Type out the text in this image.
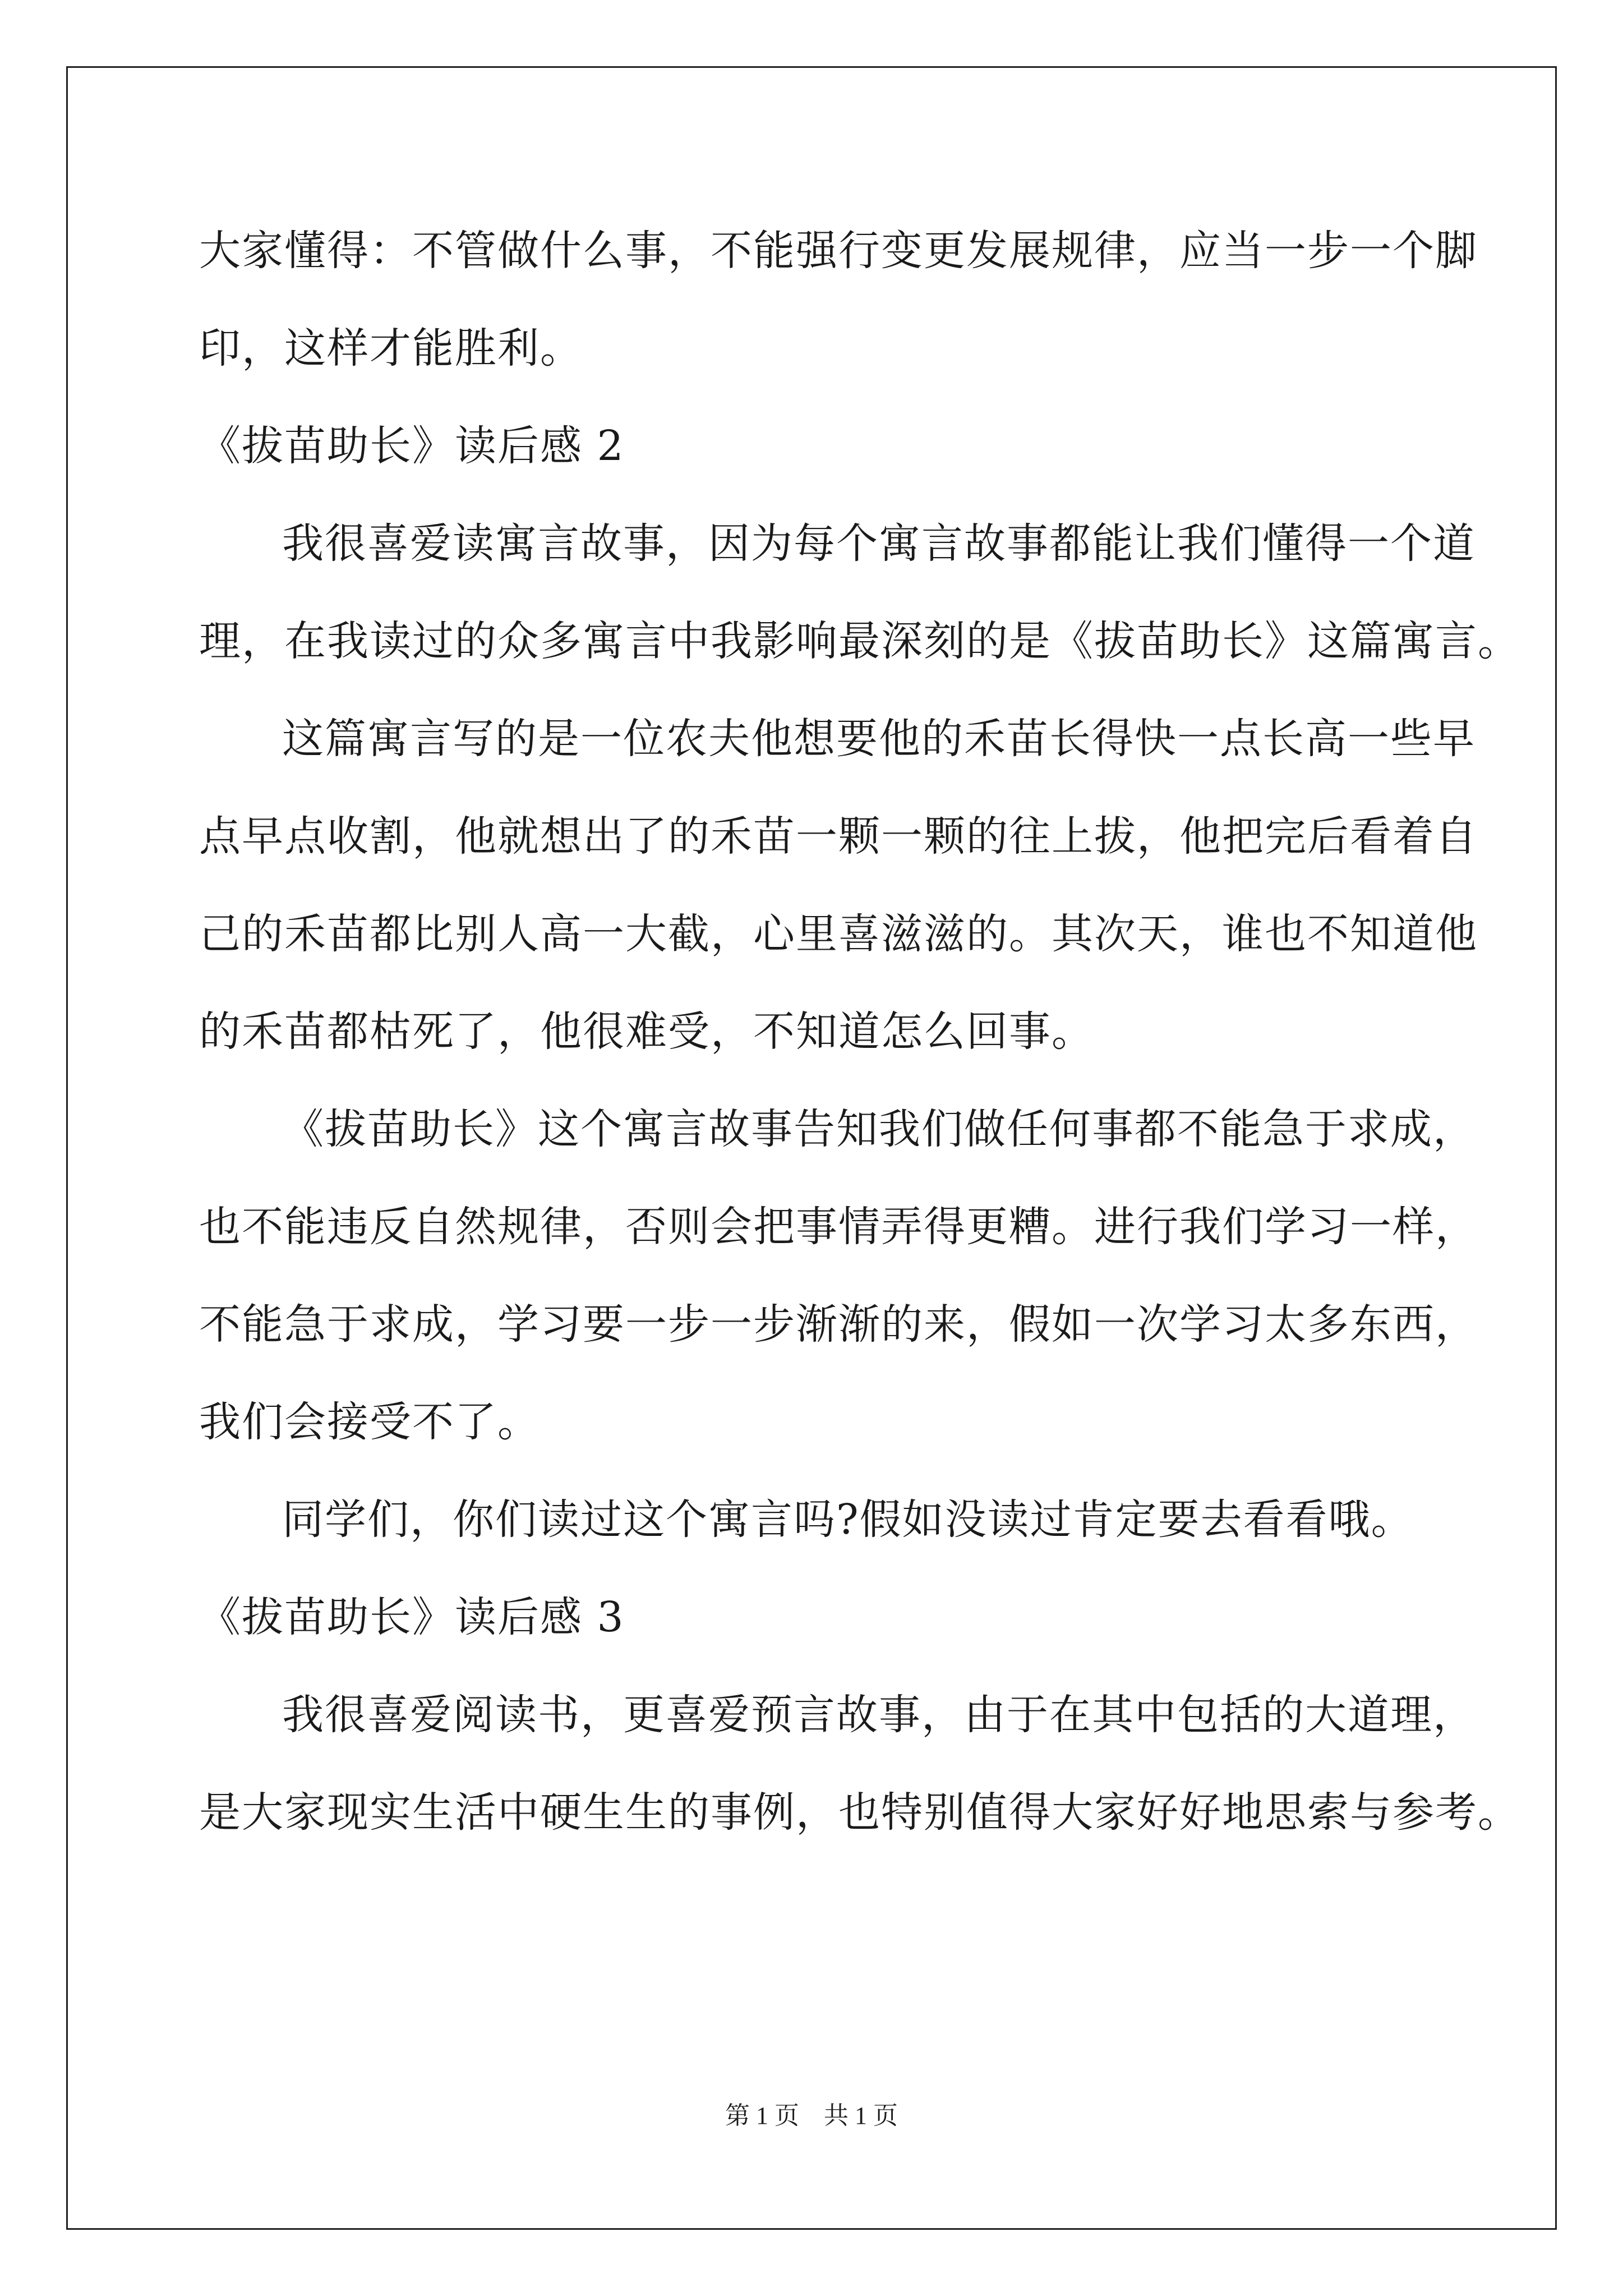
大家懂得：不管做什么事，不能强行变更发展规律，应当一步一个脚
印，这样才能胜利。
《拔苗助长》读后感 2
我很喜爱读寓言故事，因为每个寓言故事都能让我们懂得一个道
理，在我读过的众多寓言中我影响最深刻的是《拔苗助长》这篇寓言。
这篇寓言写的是一位农夫他想要他的禾苗长得快一点长高一些早
点早点收割，他就想出了的禾苗一颗一颗的往上拔，他把完后看着自
己的禾苗都比别人高一大截，心里喜滋滋的。其次天，谁也不知道他
的禾苗都枯死了，他很难受，不知道怎么回事。
《拔苗助长》这个寓言故事告知我们做任何事都不能急于求成，
也不能违反自然规律，否则会把事情弄得更糟。进行我们学习一样，
不能急于求成，学习要一步一步渐渐的来，假如一次学习太多东西，
我们会接受不了。
同学们，你们读过这个寓言吗?假如没读过肯定要去看看哦。
《拔苗助长》读后感 3
我很喜爱阅读书，更喜爱预言故事，由于在其中包括的大道理，
是大家现实生活中硬生生的事例，也特别值得大家好好地思索与参考。
第 1 页　共 1 页
